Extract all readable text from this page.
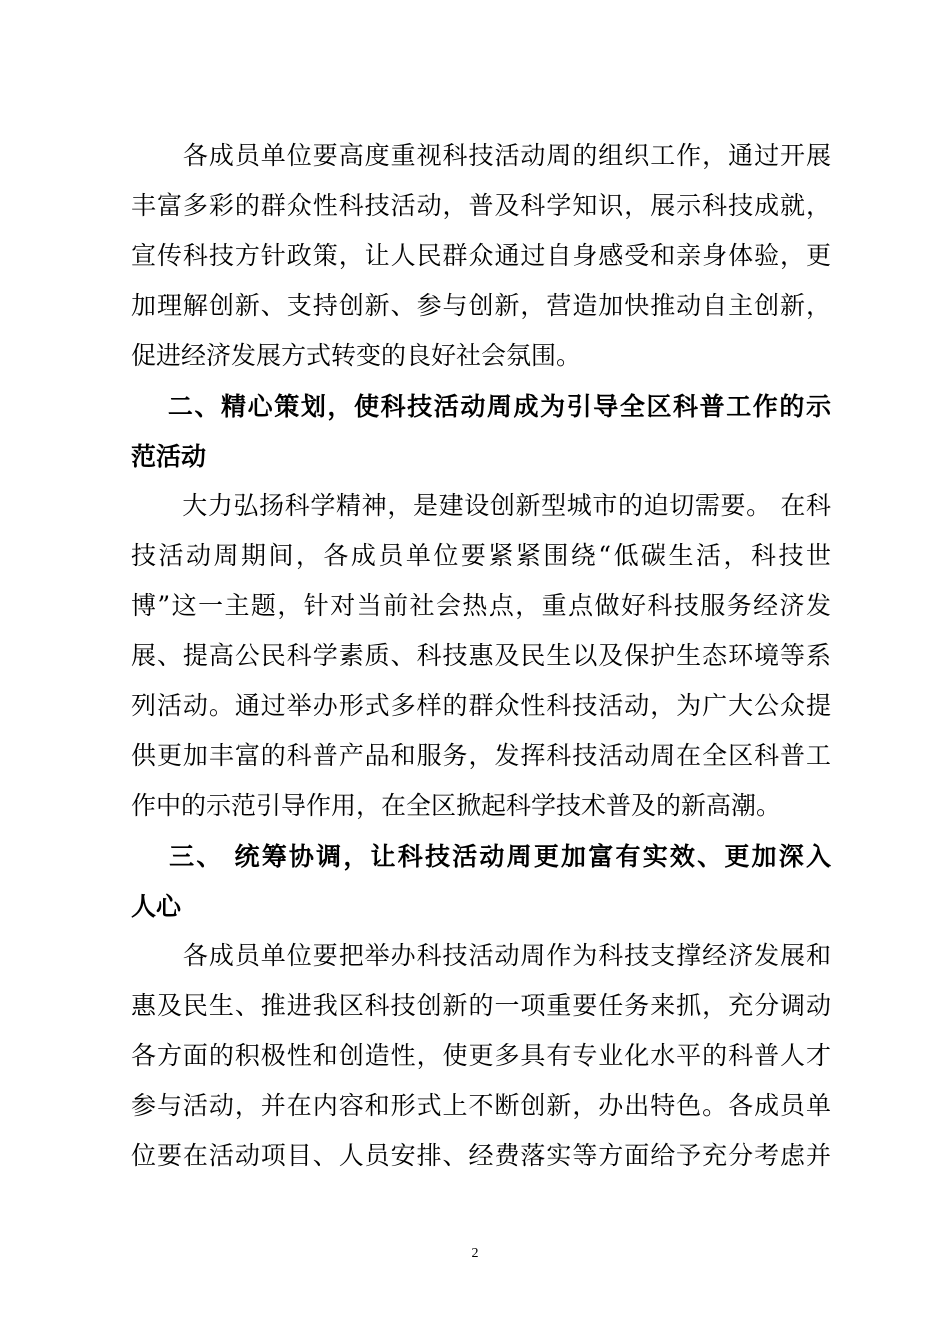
　　各成员单位要高度重视科技活动周的组织工作，通过开展
丰富多彩的群众性科技活动，普及科学知识，展示科技成就，
宣传科技方针政策，让人民群众通过自身感受和亲身体验，更
加理解创新、支持创新、参与创新，营造加快推动自主创新，
促进经济发展方式转变的良好社会氛围。
　 二、精心策划，使科技活动周成为引导全区科普工作的示
范活动
　　大力弘扬科学精神，是建设创新型城市的迫切需要。 在科
技活动周期间，各成员单位要紧紧围绕“低碳生活，科技世
博”这一主题，针对当前社会热点，重点做好科技服务经济发
展、提高公民科学素质、科技惠及民生以及保护生态环境等系
列活动。通过举办形式多样的群众性科技活动，为广大公众提
供更加丰富的科普产品和服务，发挥科技活动周在全区科普工
作中的示范引导作用，在全区掀起科学技术普及的新高潮。
　 三、 统筹协调，让科技活动周更加富有实效、更加深入
人心
　　各成员单位要把举办科技活动周作为科技支撑经济发展和
惠及民生、推进我区科技创新的一项重要任务来抓，充分调动
各方面的积极性和创造性，使更多具有专业化水平的科普人才
参与活动，并在内容和形式上不断创新，办出特色。各成员单
位要在活动项目、人员安排、经费落实等方面给予充分考虑并
2
